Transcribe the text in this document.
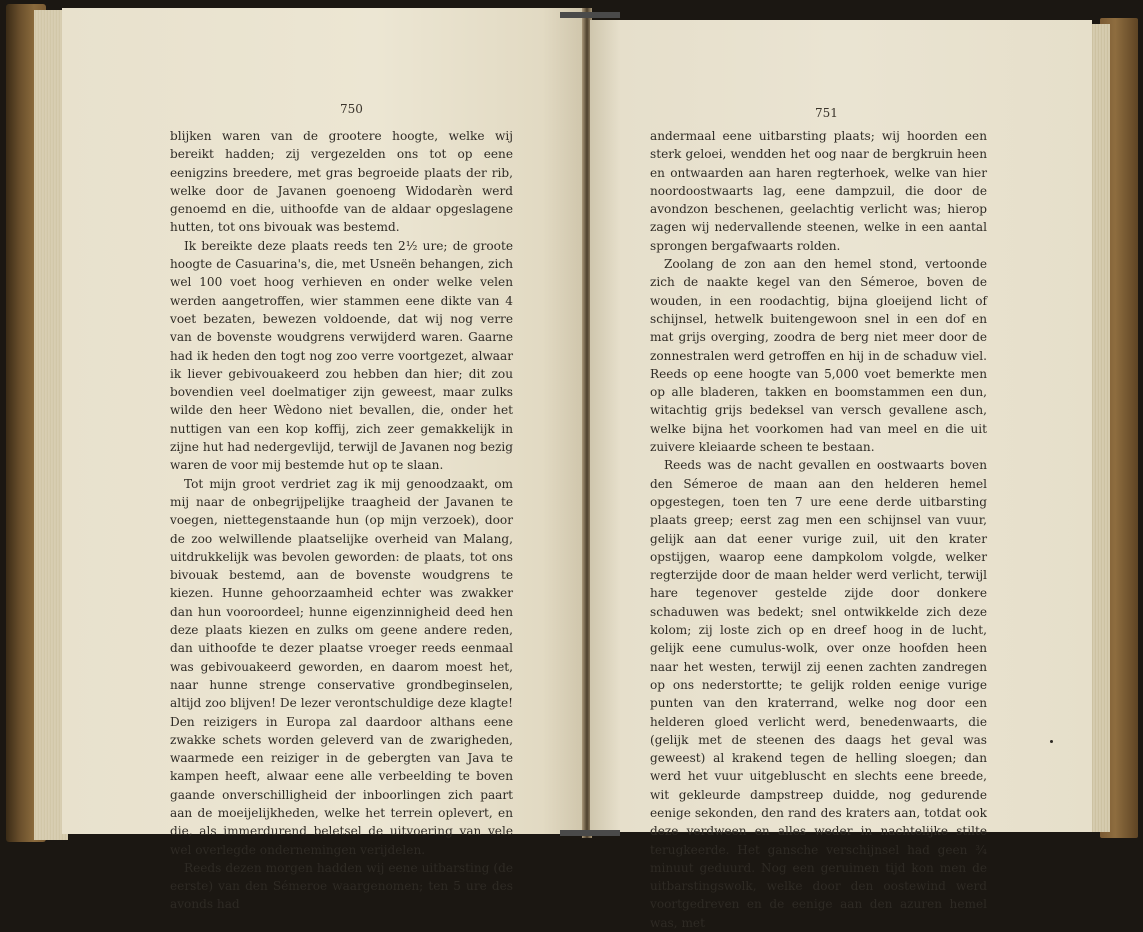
750	751

blijken waren van de grootere hoogte, welke wij bereikt hadden; zij vergezelden ons tot op eene eenigzins breedere, met gras begroeide plaats der rib, welke door de Javanen goenoeng Widodarèn werd genoemd en die, uithoofde van de aldaar opgeslagene hutten, tot ons bivouak was bestemd.

Ik bereikte deze plaats reeds ten 2½ ure; de groote hoogte de Casuarina's, die, met Usneën behangen, zich wel 100 voet hoog verhieven en onder welke velen werden aangetroffen, wier stammen eene dikte van 4 voet bezaten, bewezen voldoende, dat wij nog verre van de bovenste woudgrens verwijderd waren. Gaarne had ik heden den togt nog zoo verre voortgezet, alwaar ik liever gebivouakeerd zou hebben dan hier; dit zou bovendien veel doelmatiger zijn geweest, maar zulks wilde den heer Wèdono niet bevallen, die, onder het nuttigen van een kop koffij, zich zeer gemakkelijk in zijne hut had nedergevlijd, terwijl de Javanen nog bezig waren de voor mij bestemde hut op te slaan.

Tot mijn groot verdriet zag ik mij genoodzaakt, om mij naar de onbegrijpelijke traagheid der Javanen te voegen, niettegenstaande hun (op mijn verzoek), door de zoo welwillende plaatselijke overheid van Malang, uitdrukkelijk was bevolen geworden: de plaats, tot ons bivouak bestemd, aan de bovenste woudgrens te kiezen. Hunne gehoorzaamheid echter was zwakker dan hun vooroordeel; hunne eigenzinnigheid deed hen deze plaats kiezen en zulks om geene andere reden, dan uithoofde te dezer plaatse vroeger reeds eenmaal was gebivouakeerd geworden, en daarom moest het, naar hunne strenge conservative grondbeginselen, altijd zoo blijven! De lezer verontschuldige deze klagte! Den reizigers in Europa zal daardoor althans eene zwakke schets worden geleverd van de zwarigheden, waarmede een reiziger in de gebergten van Java te kampen heeft, alwaar eene alle verbeelding te boven gaande onverschilligheid der inboorlingen zich paart aan de moeijelijkheden, welke het terrein oplevert, en die, als immerdurend beletsel de uitvoering van vele wel overlegde ondernemingen verijdelen.

Reeds dezen morgen hadden wij eene uitbarsting (de eerste) van den Sémeroe waargenomen; ten 5 ure des avonds had

andermaal eene uitbarsting plaats; wij hoorden een sterk geloei, wendden het oog naar de bergkruin heen en ontwaarden aan haren regterhoek, welke van hier noordoostwaarts lag, eene dampzuil, die door de avondzon beschenen, geelachtig verlicht was; hierop zagen wij nedervallende steenen, welke in een aantal sprongen bergafwaarts rolden.

Zoolang de zon aan den hemel stond, vertoonde zich de naakte kegel van den Sémeroe, boven de wouden, in een roodachtig, bijna gloeijend licht of schijnsel, hetwelk buitengewoon snel in een dof en mat grijs overging, zoodra de berg niet meer door de zonnestralen werd getroffen en hij in de schaduw viel. Reeds op eene hoogte van 5,000 voet bemerkte men op alle bladeren, takken en boomstammen een dun, witachtig grijs bedeksel van versch gevallene asch, welke bijna het voorkomen had van meel en die uit zuivere kleiaarde scheen te bestaan.

Reeds was de nacht gevallen en oostwaarts boven den Sémeroe de maan aan den helderen hemel opgestegen, toen ten 7 ure eene derde uitbarsting plaats greep; eerst zag men een schijnsel van vuur, gelijk aan dat eener vurige zuil, uit den krater opstijgen, waarop eene dampkolom volgde, welker regterzijde door de maan helder werd verlicht, terwijl hare tegenover gestelde zijde door donkere schaduwen was bedekt; snel ontwikkelde zich deze kolom; zij loste zich op en dreef hoog in de lucht, gelijk eene cumulus-wolk, over onze hoofden heen naar het westen, terwijl zij eenen zachten zandregen op ons nederstortte; te gelijk rolden eenige vurige punten van den kraterrand, welke nog door een helderen gloed verlicht werd, benedenwaarts, die (gelijk met de steenen des daags het geval was geweest) al krakend tegen de helling sloegen; dan werd het vuur uitgebluscht en slechts eene breede, wit gekleurde dampstreep duidde, nog gedurende eenige sekonden, den rand des kraters aan, totdat ook deze verdween en alles weder in nachtelijke stilte terugkeerde. Het gansche verschijnsel had geen ¾ minuut geduurd. Nog een geruimen tijd kon men de uitbarstingswolk, welke door den oostewind werd voortgedreven en de eenige aan den azuren hemel was, met
